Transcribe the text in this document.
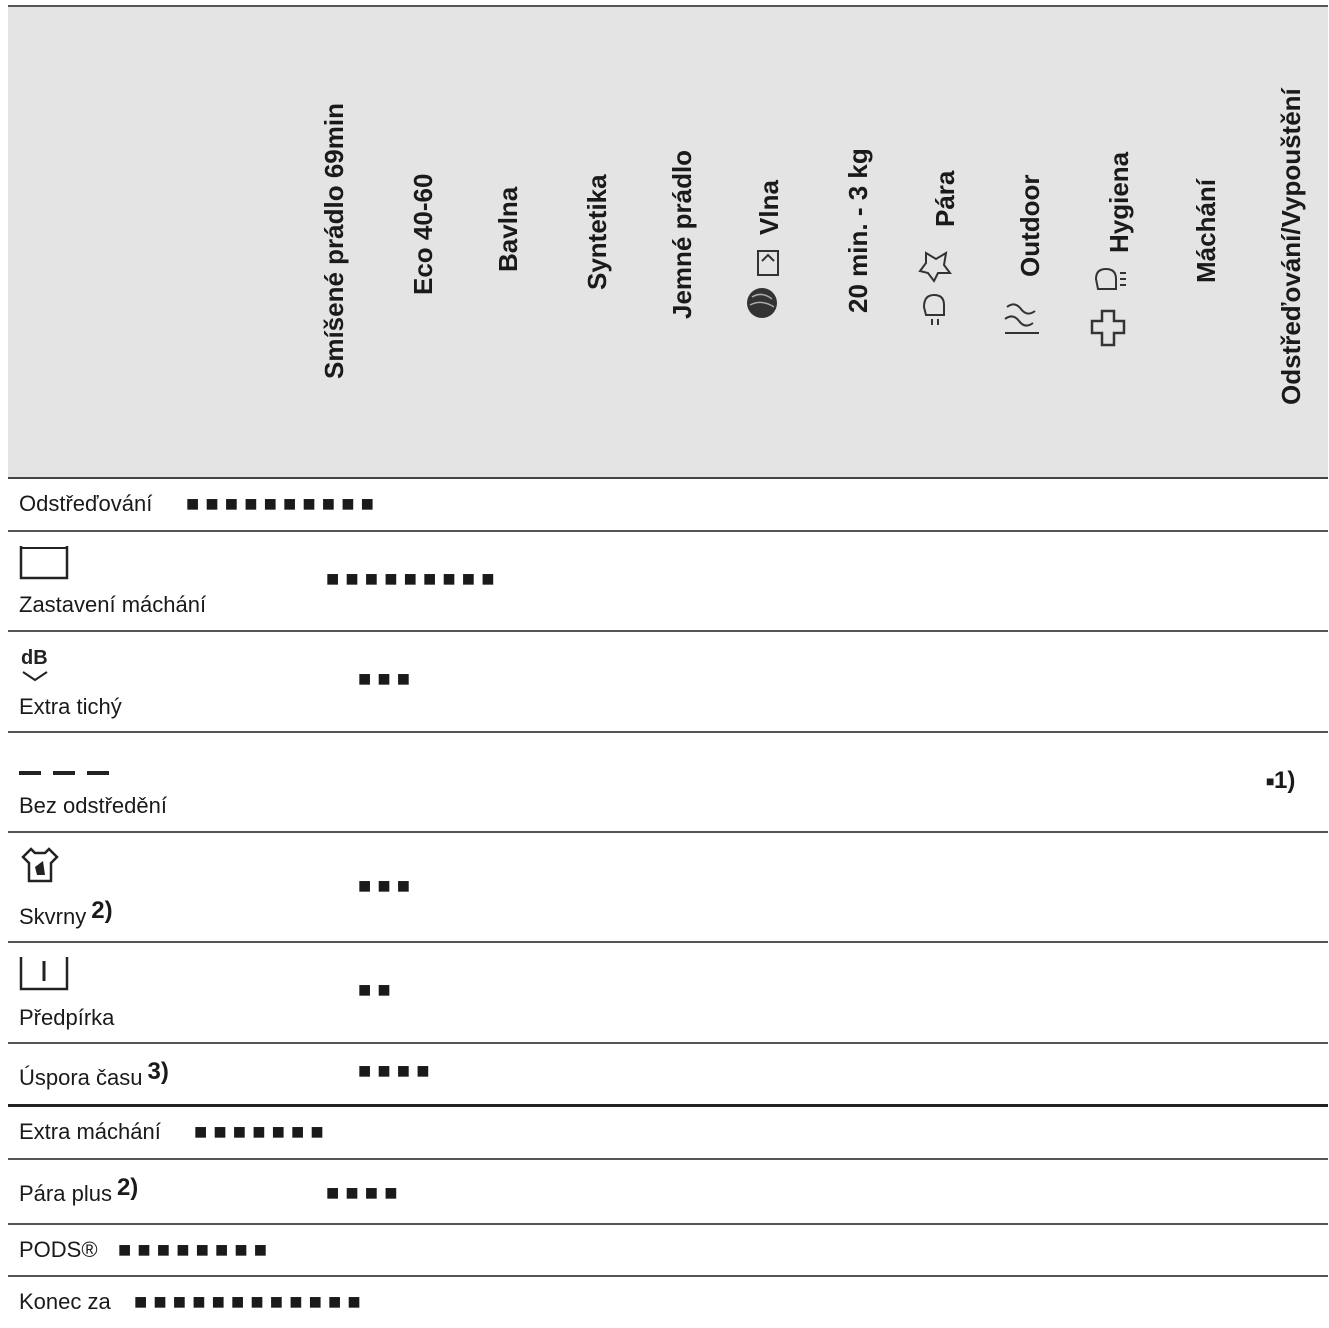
Smíšené prádlo 69min Eco 40-60 Bavlna Syntetika Jemné prádlo Vlna 20 min. - 3 kg Pára Outdoor Hygiena Máchání Odstřeďování/Vypouštění
Odstřeďování ■ ■ ■ ■ ■ ■ ■ ■ ■ ■
Zastavení máchání
■ ■ ■ ■ ■ ■ ■ ■ ■
dB
Extra tichý
■ ■ ■
Bez odstředění
■ 1)
Skvrny 2)
■ ■ ■
Předpírka
■ ■
Úspora času 3)	■ ■ ■ ■
Extra máchání ■ ■ ■ ■ ■ ■ ■
Pára plus 2)	■ ■ ■ ■
PODS® ■ ■ ■ ■ ■ ■ ■ ■
Konec za ■ ■ ■ ■ ■ ■ ■ ■ ■ ■ ■ ■
